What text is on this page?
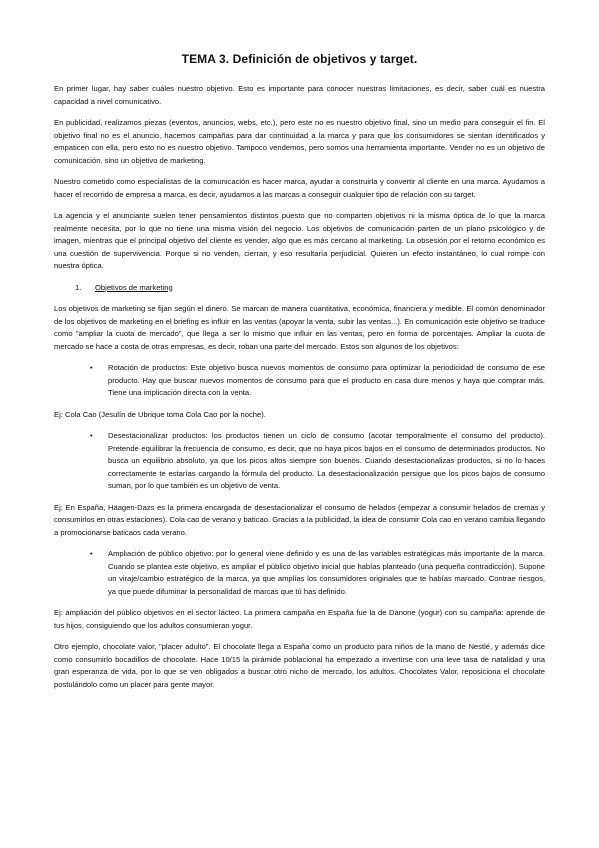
TEMA 3. Definición de objetivos y target.

En primer lugar, hay saber cuáles nuestro objetivo. Esto es importante para conocer nuestras limitaciones, es decir, saber cuál es nuestra capacidad a nivel comunicativo.

En publicidad, realizamos piezas (eventos, anuncios, webs, etc.), pero este no es nuestro objetivo final, sino un medio para conseguir el fin. El objetivo final no es el anuncio, hacemos campañas para dar continuidad a la marca y para que los consumidores se sientan identificados y empaticen con ella, pero esto no es nuestro objetivo. Tampoco vendemos, pero somos una herramienta importante. Vender no es un objetivo de comunicación, sino un objetivo de marketing.

Nuestro cometido como especialistas de la comunicación es hacer marca, ayudar a construirla y convertir al cliente en una marca. Ayudamos a hacer el recorrido de empresa a marca, es decir, ayudamos a las marcas a conseguir cualquier tipo de relación con su target.

La agencia y el anunciante suelen tener pensamientos distintos puesto que no comparten objetivos ni la misma óptica de lo que la marca realmente necesita, por lo que no tiene una misma visión del negocio. Los objetivos de comunicación parten de un plano psicológico y de imagen, mientras que el principal objetivo del cliente es vender, algo que es más cercano al marketing. La obsesión por el retorno económico es una cuestión de supervivencia. Porque si no venden, cierran, y eso resultaría perjudicial. Quieren un efecto instantáneo, lo cual rompe con nuestra óptica.

1.	Objetivos de marketing

Los objetivos de marketing se fijan según el dinero. Se marcan de manera cuantitativa, económica, financiera y medible. El común denominador de los objetivos de marketing en el briefing es influir en las ventas (apoyar la venta, subir las ventas...). En comunicación este objetivo se traduce como "ampliar la cuota de mercado", que llega a ser lo mismo que influir en las ventas, pero en forma de porcentajes. Ampliar la cuota de mercado se hace a costa de otras empresas, es decir, roban una parte del mercado. Estos son algunos de los objetivos:

•	Rotación de productos: Este objetivo busca nuevos momentos de consumo para optimizar la periodicidad de consumo de ese producto. Hay que buscar nuevos momentos de consumo para que el producto en casa dure menos y haya que comprar más. Tiene una implicación directa con la venta.

Ej: Cola Cao (Jesulín de Ubrique toma Cola Cao por la noche).

•	Desestacionalizar productos: los productos tienen un ciclo de consumo (acotar temporalmente el consumo del producto). Pretende equilibrar la frecuencia de consumo, es decir, que no haya picos bajos en el consumo de determinados productos. No busca un equilibrio absoluto, ya que los picos altos siempre son buenos. Cuando desestacionalizas productos, si no lo haces correctamente te estarías cargando la fórmula del producto. La desestacionalización persigue que los picos bajos de consumo suman, por lo que también es un objetivo de venta.

Ej: En España, Häagen-Dazs es la primera encargada de desestacionalizar el consumo de helados (empezar a consumir helados de cremas y consumirlos en otras estaciones). Cola cao de verano y baticao. Gracias a la publicidad, la idea de consumir Cola cao en verano cambia llegando a promocionarse baticaos cada verano.

•	Ampliación de público objetivo: por lo general viene definido y es una de las variables estratégicas más importante de la marca. Cuando se plantea este objetivo, es ampliar el público objetivo inicial que habías planteado (una pequeña contradicción). Supone un viraje/cambio estratégico de la marca, ya que amplías los consumidores originales que te habías marcado. Contrae riesgos, ya que puede difuminar la personalidad de marcas que tú has definido.

Ej: ampliación del público objetivos en el sector lácteo. La primera campaña en España fue la de Danone (yogur) con su campaña: aprende de tus hijos, consiguiendo que los adultos consumieran yogur.

Otro ejemplo, chocolate valor, "placer adulto". El chocolate llega a España como un producto para niños de la mano de Nestlé, y además dice como consumirlo bocadillos de chocolate. Hace 10/15 la pirámide poblacional ha empezado a invertirse con una leve tasa de natalidad y una gran esperanza de vida, por lo que se ven obligados a buscar otro nicho de mercado, los adultos. Chocolates Valor, reposiciona el chocolate postulándolo como un placer para gente mayor.
